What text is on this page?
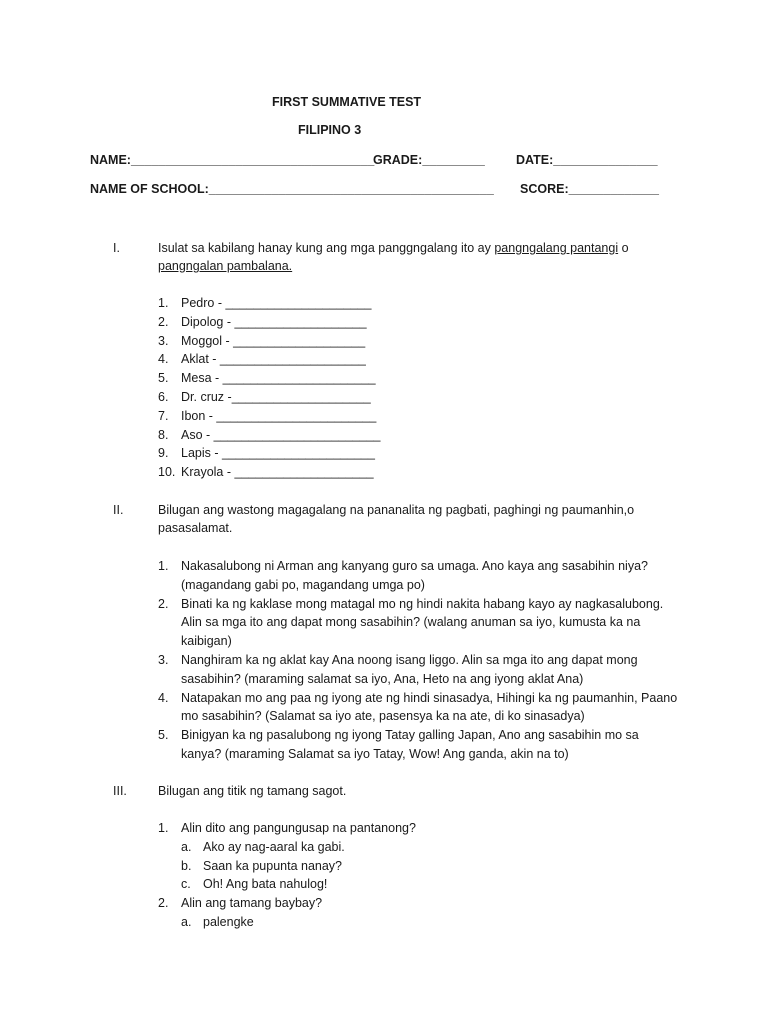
FIRST SUMMATIVE TEST
FILIPINO 3
NAME:___________________________________
GRADE:_________ DATE:_______________
NAME OF SCHOOL:_________________________________________ SCORE:_____________
I.	Isulat sa kabilang hanay kung ang mga panggngalang ito ay pangngalang pantangi o
pangngalan pambalana.
1. Pedro - _____________________
2. Dipolog - ___________________
3. Moggol - ___________________
4. Aklat - _____________________
5. Mesa - ______________________
6. Dr. cruz -____________________
7. Ibon - _______________________
8. Aso - ________________________
9. Lapis - ______________________
10. Krayola - ____________________
II.	Bilugan ang wastong magagalang na pananalita ng pagbati, paghingi ng paumanhin,o pasasalamat.
1. Nakasalubong ni Arman ang kanyang guro sa umaga. Ano kaya ang sasabihin niya? (magandang gabi po, magandang umga po)
2. Binati ka ng kaklase mong matagal mo ng hindi nakita habang kayo ay nagkasalubong. Alin sa mga ito ang dapat mong sasabihin? (walang anuman sa iyo, kumusta ka na kaibigan)
3. Nanghiram ka ng aklat kay Ana noong isang liggo. Alin sa mga ito ang dapat mong sasabihin? (maraming salamat sa iyo, Ana, Heto na ang iyong aklat Ana)
4. Natapakan mo ang paa ng iyong ate ng hindi sinasadya, Hihingi ka ng paumanhin, Paano mo sasabihin? (Salamat sa iyo ate, pasensya ka na ate, di ko sinasadya)
5. Binigyan ka ng pasalubong ng iyong Tatay galling Japan, Ano ang sasabihin mo sa kanya? (maraming Salamat sa iyo Tatay, Wow! Ang ganda, akin na to)
III. Bilugan ang titik ng tamang sagot.
1. Alin dito ang pangungusap na pantanong?
a. Ako ay nag-aaral ka gabi.
b. Saan ka pupunta nanay?
c. Oh! Ang bata nahulog!
2. Alin ang tamang baybay?
a. palengke
